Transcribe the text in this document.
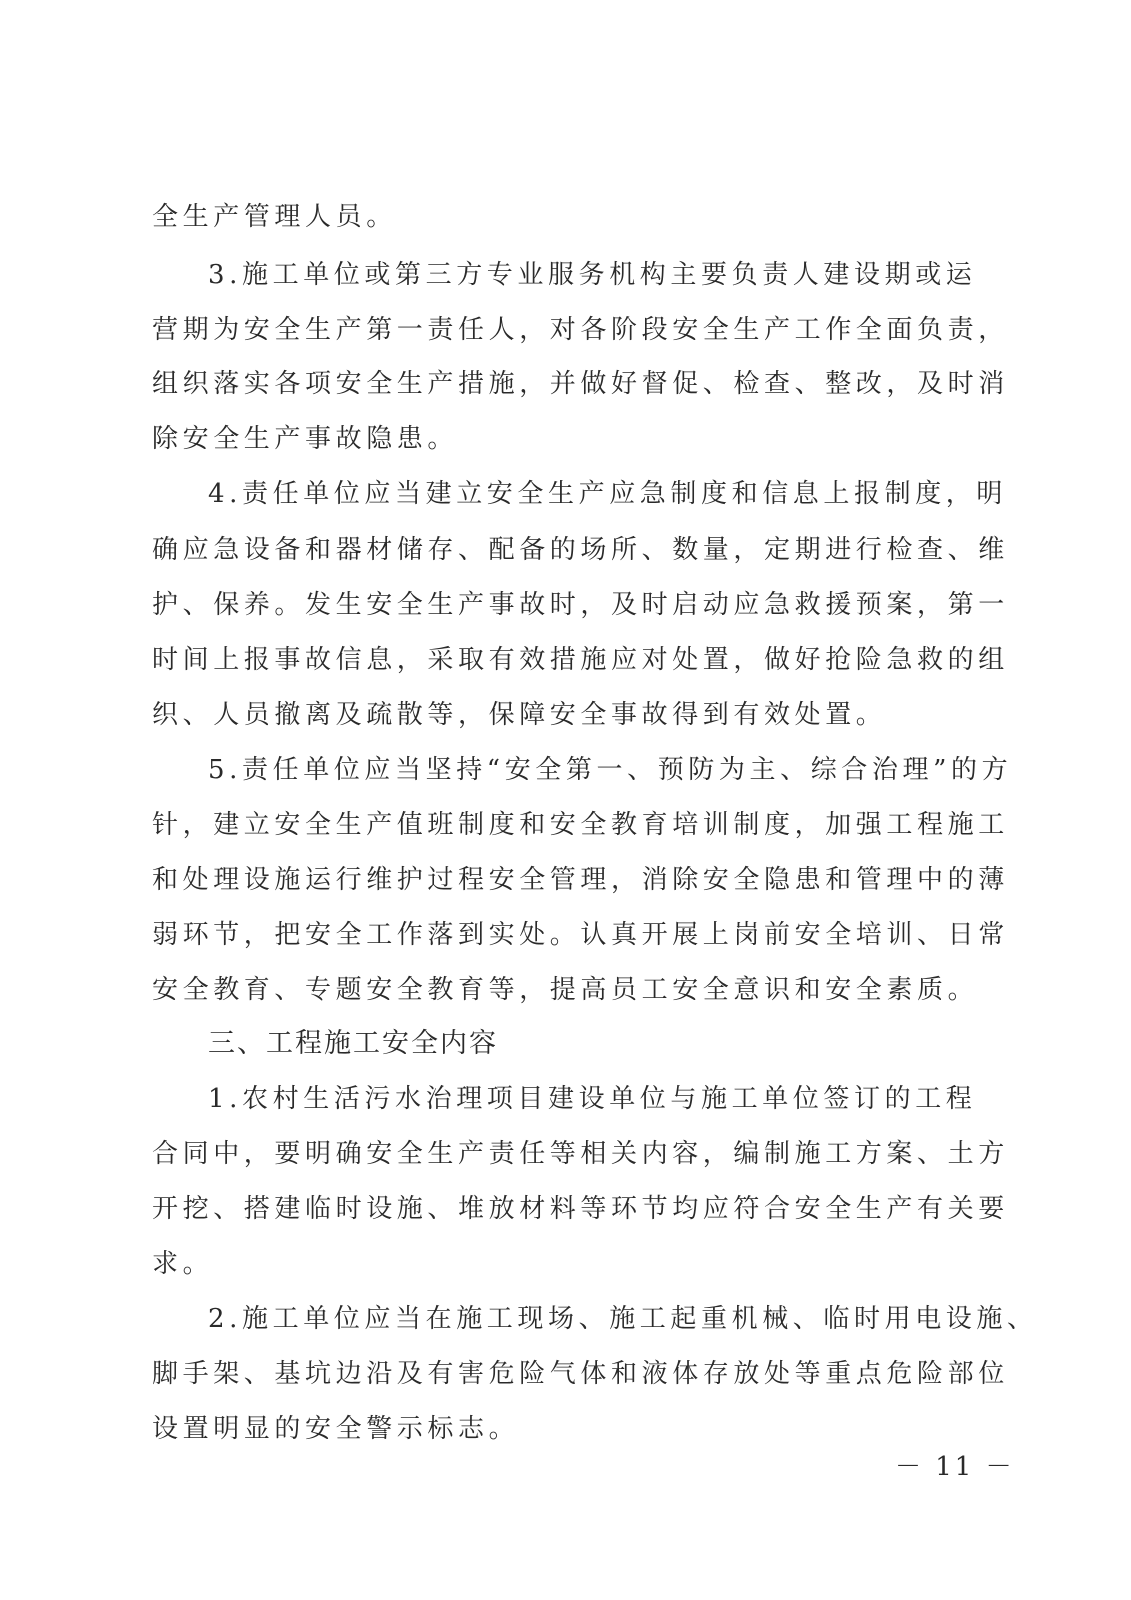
全生产管理人员。
3.施工单位或第三方专业服务机构主要负责人建设期或运
营期为安全生产第一责任人，对各阶段安全生产工作全面负责，
组织落实各项安全生产措施，并做好督促、检查、整改，及时消
除安全生产事故隐患。
4.责任单位应当建立安全生产应急制度和信息上报制度，明
确应急设备和器材储存、配备的场所、数量，定期进行检查、维
护、保养。发生安全生产事故时，及时启动应急救援预案，第一
时间上报事故信息，采取有效措施应对处置，做好抢险急救的组
织、人员撤离及疏散等，保障安全事故得到有效处置。
5.责任单位应当坚持“安全第一、预防为主、综合治理”的方
针，建立安全生产值班制度和安全教育培训制度，加强工程施工
和处理设施运行维护过程安全管理，消除安全隐患和管理中的薄
弱环节，把安全工作落到实处。认真开展上岗前安全培训、日常
安全教育、专题安全教育等，提高员工安全意识和安全素质。
三、工程施工安全内容
1.农村生活污水治理项目建设单位与施工单位签订的工程
合同中，要明确安全生产责任等相关内容，编制施工方案、土方
开挖、搭建临时设施、堆放材料等环节均应符合安全生产有关要
求。
2.施工单位应当在施工现场、施工起重机械、临时用电设施、
脚手架、基坑边沿及有害危险气体和液体存放处等重点危险部位
设置明显的安全警示标志。
－ 11 －
